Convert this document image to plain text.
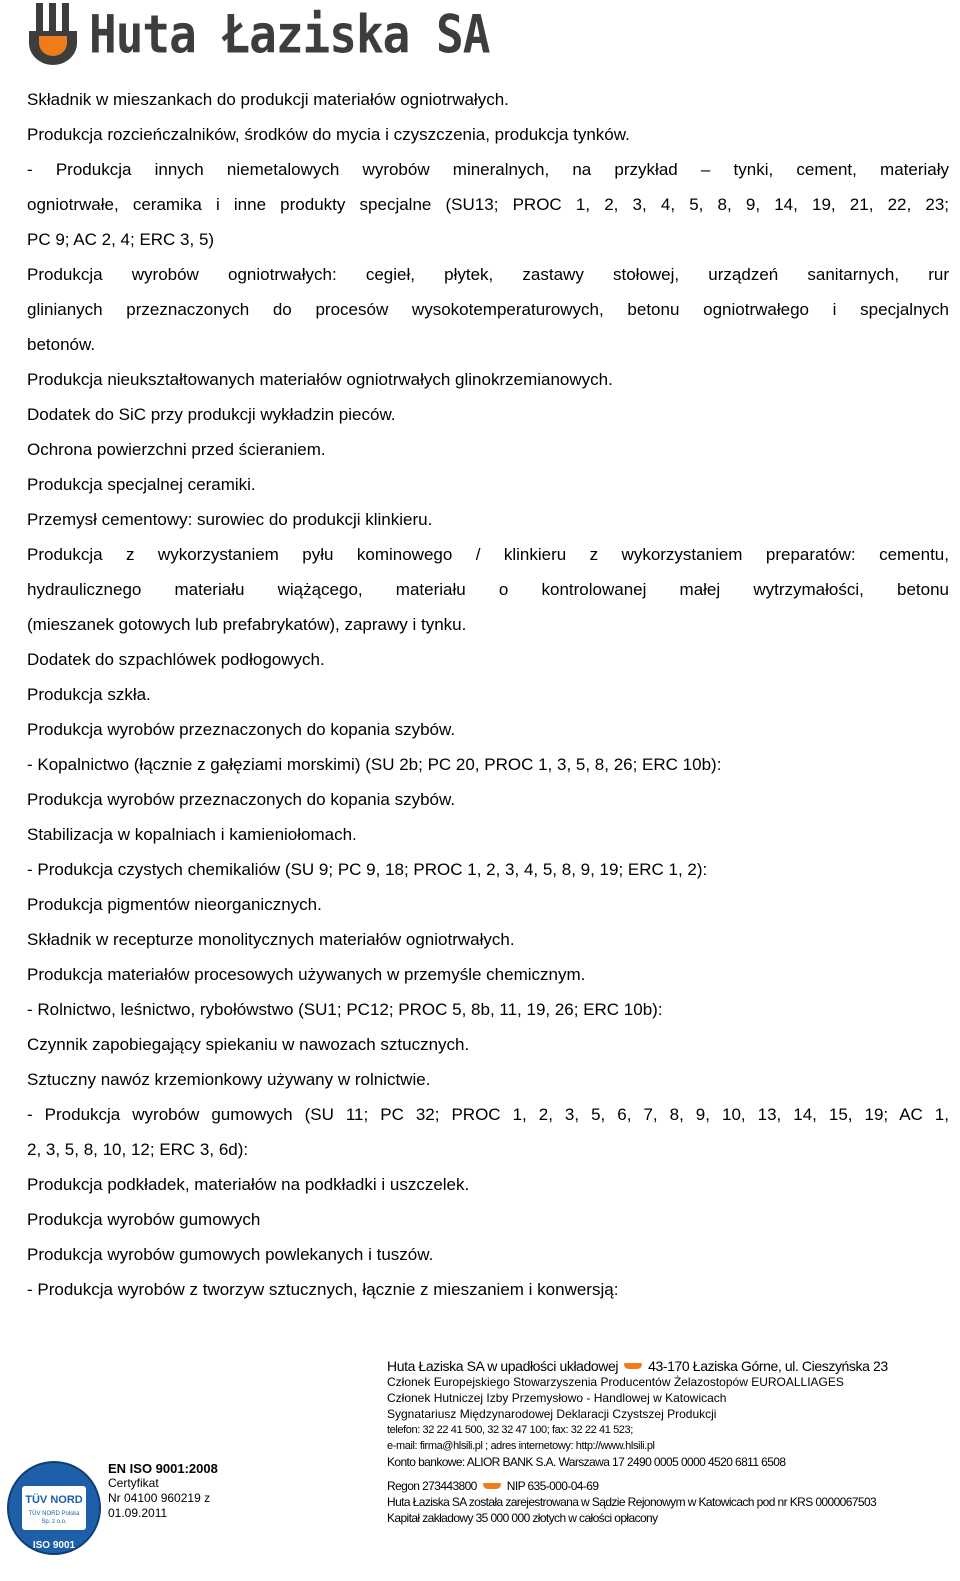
Huta Łaziska SA
Składnik w mieszankach do produkcji materiałów ogniotrwałych.
Produkcja rozcieńczalników, środków do mycia i czyszczenia, produkcja tynków.
- Produkcja innych niemetalowych wyrobów mineralnych, na przykład – tynki, cement, materiały
ogniotrwałe, ceramika i inne produkty specjalne (SU13; PROC 1, 2, 3, 4, 5, 8, 9, 14, 19, 21, 22, 23;
PC 9; AC 2, 4; ERC 3, 5)
Produkcja wyrobów ogniotrwałych: cegieł, płytek, zastawy stołowej, urządzeń sanitarnych, rur
glinianych przeznaczonych do procesów wysokotemperaturowych, betonu ogniotrwałego i specjalnych
betonów.
Produkcja nieukształtowanych materiałów ogniotrwałych glinokrzemianowych.
Dodatek do SiC przy produkcji wykładzin pieców.
Ochrona powierzchni przed ścieraniem.
Produkcja specjalnej ceramiki.
Przemysł cementowy: surowiec do produkcji klinkieru.
Produkcja z wykorzystaniem pyłu kominowego / klinkieru z wykorzystaniem preparatów: cementu,
hydraulicznego materiału wiążącego, materiału o kontrolowanej małej wytrzymałości, betonu
(mieszanek gotowych lub prefabrykatów), zaprawy i tynku.
Dodatek do szpachlówek podłogowych.
Produkcja szkła.
Produkcja wyrobów przeznaczonych do kopania szybów.
- Kopalnictwo (łącznie z gałęziami morskimi) (SU 2b; PC 20, PROC 1, 3, 5, 8, 26; ERC 10b):
Produkcja wyrobów przeznaczonych do kopania szybów.
Stabilizacja w kopalniach i kamieniołomach.
- Produkcja czystych chemikaliów (SU 9; PC 9, 18; PROC 1, 2, 3, 4, 5, 8, 9, 19; ERC 1, 2):
Produkcja pigmentów nieorganicznych.
Składnik w recepturze monolitycznych materiałów ogniotrwałych.
Produkcja materiałów procesowych używanych w przemyśle chemicznym.
- Rolnictwo, leśnictwo, rybołówstwo (SU1; PC12; PROC 5, 8b, 11, 19, 26; ERC 10b):
Czynnik zapobiegający spiekaniu w nawozach sztucznych.
Sztuczny nawóz krzemionkowy używany w rolnictwie.
- Produkcja wyrobów gumowych (SU 11; PC 32; PROC 1, 2, 3, 5, 6, 7, 8, 9, 10, 13, 14, 15, 19; AC 1,
2, 3, 5, 8, 10, 12; ERC 3, 6d):
Produkcja podkładek, materiałów na podkładki i uszczelek.
Produkcja wyrobów gumowych
Produkcja wyrobów gumowych powlekanych i tuszów.
- Produkcja wyrobów z tworzyw sztucznych, łącznie z mieszaniem i konwersją:
TÜV NORD
TÜV NORD Polska
Sp. z o.o.
ISO 9001
EN ISO 9001:2008
Certyfikat
Nr 04100 960219 z
01.09.2011
Huta Łaziska SA w upadłości układowej 43-170 Łaziska Górne, ul. Cieszyńska 23
Członek Europejskiego Stowarzyszenia Producentów Żelazostopów EUROALLIAGES
Członek Hutniczej Izby Przemysłowo - Handlowej w Katowicach
Sygnatariusz Międzynarodowej Deklaracji Czystszej Produkcji
telefon: 32 22 41 500, 32 32 47 100; fax: 32 22 41 523;
e-mail: firma@hlsili.pl ; adres internetowy: http://www.hlsili.pl
Konto bankowe: ALIOR BANK S.A. Warszawa 17 2490 0005 0000 4520 6811 6508
Regon 273443800	NIP 635-000-04-69
Huta Łaziska SA została zarejestrowana w Sądzie Rejonowym w Katowicach pod nr KRS 0000067503
Kapitał zakładowy 35 000 000 złotych w całości opłacony
